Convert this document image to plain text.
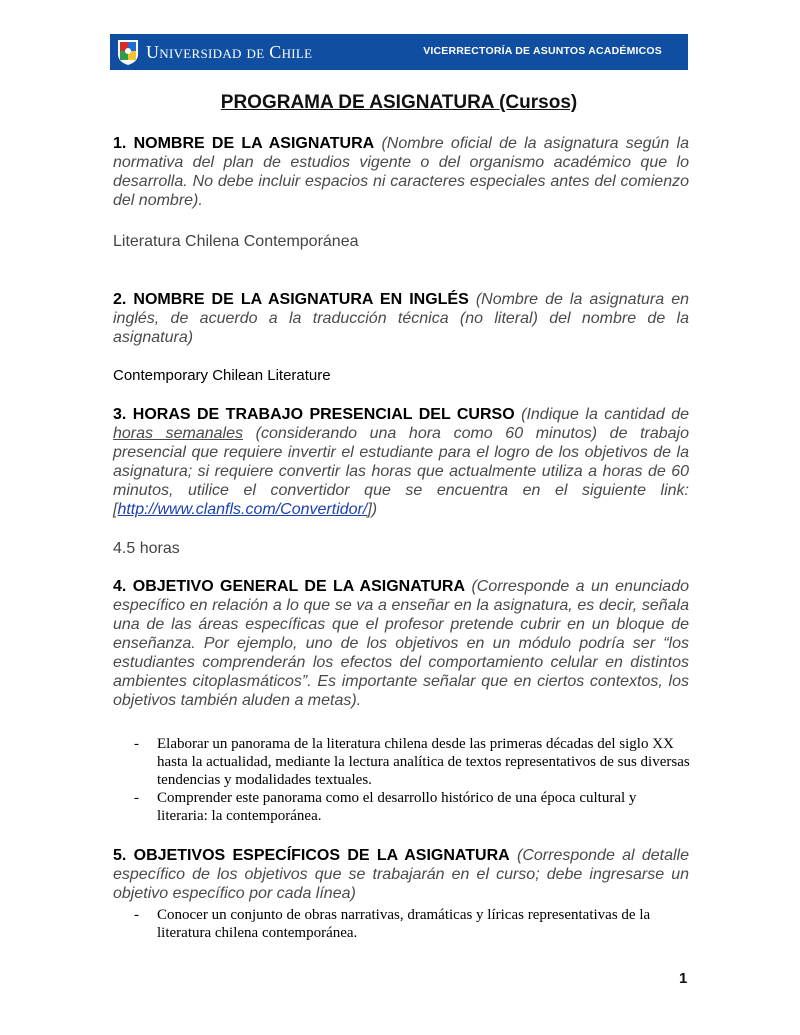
Universidad de Chile	VICERRECTORÍA DE ASUNTOS ACADÉMICOS
PROGRAMA DE ASIGNATURA (Cursos)
1. NOMBRE DE LA ASIGNATURA (Nombre oficial de la asignatura según la normativa del plan de estudios vigente o del organismo académico que lo desarrolla. No debe incluir espacios ni caracteres especiales antes del comienzo del nombre).
Literatura Chilena Contemporánea
2. NOMBRE DE LA ASIGNATURA EN INGLÉS (Nombre de la asignatura en inglés, de acuerdo a la traducción técnica (no literal) del nombre de la asignatura)
Contemporary Chilean Literature
3. HORAS DE TRABAJO PRESENCIAL DEL CURSO (Indique la cantidad de horas semanales (considerando una hora como 60 minutos) de trabajo presencial que requiere invertir el estudiante para el logro de los objetivos de la asignatura; si requiere convertir las horas que actualmente utiliza a horas de 60 minutos, utilice el convertidor que se encuentra en el siguiente link: [http://www.clanfls.com/Convertidor/])
4.5 horas
4. OBJETIVO GENERAL DE LA ASIGNATURA (Corresponde a un enunciado específico en relación a lo que se va a enseñar en la asignatura, es decir, señala una de las áreas específicas que el profesor pretende cubrir en un bloque de enseñanza. Por ejemplo, uno de los objetivos en un módulo podría ser “los estudiantes comprenderán los efectos del comportamiento celular en distintos ambientes citoplasmáticos”. Es importante señalar que en ciertos contextos, los objetivos también aluden a metas).
- Elaborar un panorama de la literatura chilena desde las primeras décadas del siglo XX hasta la actualidad, mediante la lectura analítica de textos representativos de sus diversas tendencias y modalidades textuales.
- Comprender este panorama como el desarrollo histórico de una época cultural y literaria: la contemporánea.
5. OBJETIVOS ESPECÍFICOS DE LA ASIGNATURA (Corresponde al detalle específico de los objetivos que se trabajarán en el curso; debe ingresarse un objetivo específico por cada línea)
- Conocer un conjunto de obras narrativas, dramáticas y líricas representativas de la literatura chilena contemporánea.
1
